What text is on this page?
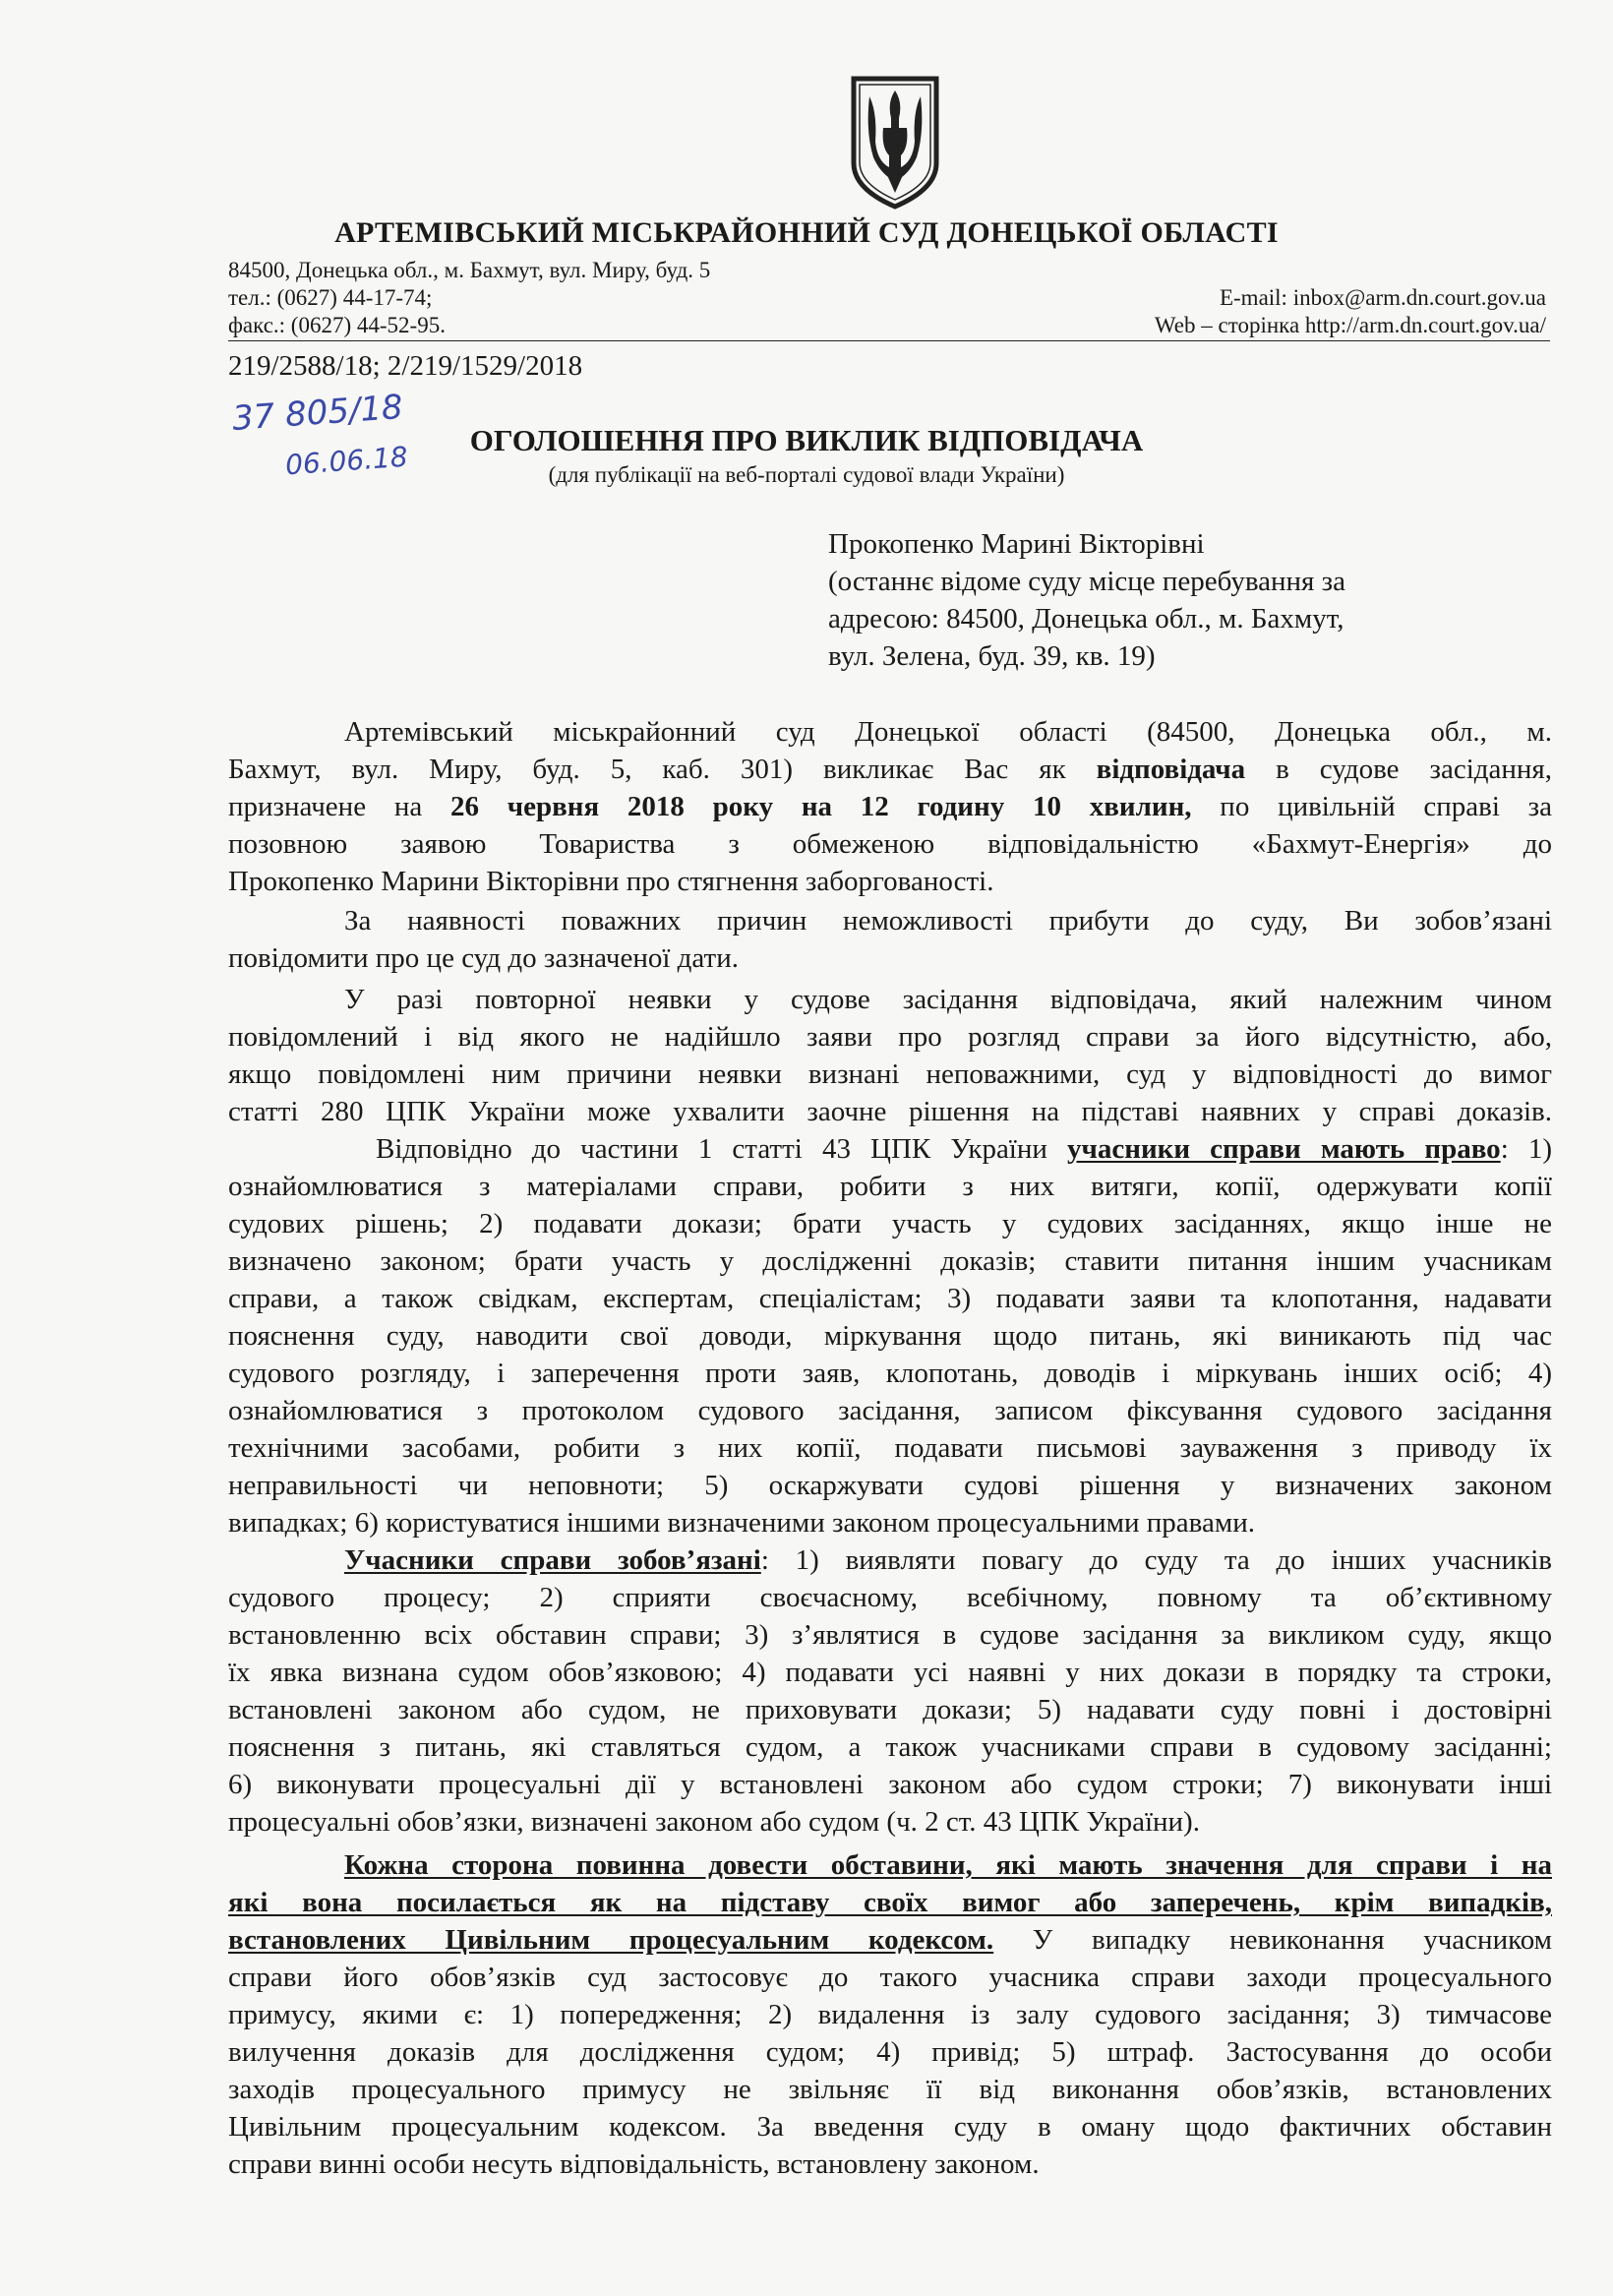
АРТЕМІВСЬКИЙ МІСЬКРАЙОННИЙ СУД ДОНЕЦЬКОЇ ОБЛАСТІ
84500, Донецька обл., м. Бахмут, вул. Миру, буд. 5
тел.: (0627) 44-17-74;	E-mail: inbox@arm.dn.court.gov.ua
факс.: (0627) 44-52-95.	Web – сторінка http://arm.dn.court.gov.ua/
219/2588/18; 2/219/1529/2018
37 805/18
06.06.18
ОГОЛОШЕННЯ ПРО ВИКЛИК ВІДПОВІДАЧА
(для публікації на веб-порталі судової влади України)
Прокопенко Марині Вікторівні
(останнє відоме суду місце перебування за
адресою: 84500, Донецька обл., м. Бахмут,
вул. Зелена, буд. 39, кв. 19)
Артемівський міськрайонний суд Донецької області (84500, Донецька обл., м.
Бахмут, вул. Миру, буд. 5, каб. 301) викликає Вас як відповідача в судове засідання,
призначене на 26 червня 2018 року на 12 годину 10 хвилин, по цивільній справі за
позовною заявою Товариства з обмеженою відповідальністю «Бахмут-Енергія» до
Прокопенко Марини Вікторівни про стягнення заборгованості.
За наявності поважних причин неможливості прибути до суду, Ви зобов’язані
повідомити про це суд до зазначеної дати.
У разі повторної неявки у судове засідання відповідача, який належним чином
повідомлений і від якого не надійшло заяви про розгляд справи за його відсутністю, або,
якщо повідомлені ним причини неявки визнані неповажними, суд у відповідності до вимог
статті 280 ЦПК України може ухвалити заочне рішення на підставі наявних у справі доказів.
Відповідно до частини 1 статті 43 ЦПК України учасники справи мають право: 1)
ознайомлюватися з матеріалами справи, робити з них витяги, копії, одержувати копії
судових рішень; 2) подавати докази; брати участь у судових засіданнях, якщо інше не
визначено законом; брати участь у дослідженні доказів; ставити питання іншим учасникам
справи, а також свідкам, експертам, спеціалістам; 3) подавати заяви та клопотання, надавати
пояснення суду, наводити свої доводи, міркування щодо питань, які виникають під час
судового розгляду, і заперечення проти заяв, клопотань, доводів і міркувань інших осіб; 4)
ознайомлюватися з протоколом судового засідання, записом фіксування судового засідання
технічними засобами, робити з них копії, подавати письмові зауваження з приводу їх
неправильності чи неповноти; 5) оскаржувати судові рішення у визначених законом
випадках; 6) користуватися іншими визначеними законом процесуальними правами.
Учасники справи зобов’язані: 1) виявляти повагу до суду та до інших учасників
судового процесу; 2) сприяти своєчасному, всебічному, повному та об’єктивному
встановленню всіх обставин справи; 3) з’являтися в судове засідання за викликом суду, якщо
їх явка визнана судом обов’язковою; 4) подавати усі наявні у них докази в порядку та строки,
встановлені законом або судом, не приховувати докази; 5) надавати суду повні і достовірні
пояснення з питань, які ставляться судом, а також учасниками справи в судовому засіданні;
6) виконувати процесуальні дії у встановлені законом або судом строки; 7) виконувати інші
процесуальні обов’язки, визначені законом або судом (ч. 2 ст. 43 ЦПК України).
Кожна сторона повинна довести обставини, які мають значення для справи і на
які вона посилається як на підставу своїх вимог або заперечень, крім випадків,
встановлених Цивільним процесуальним кодексом. У випадку невиконання учасником
справи його обов’язків суд застосовує до такого учасника справи заходи процесуального
примусу, якими є: 1) попередження; 2) видалення із залу судового засідання; 3) тимчасове
вилучення доказів для дослідження судом; 4) привід; 5) штраф. Застосування до особи
заходів процесуального примусу не звільняє її від виконання обов’язків, встановлених
Цивільним процесуальним кодексом. За введення суду в оману щодо фактичних обставин
справи винні особи несуть відповідальність, встановлену законом.
